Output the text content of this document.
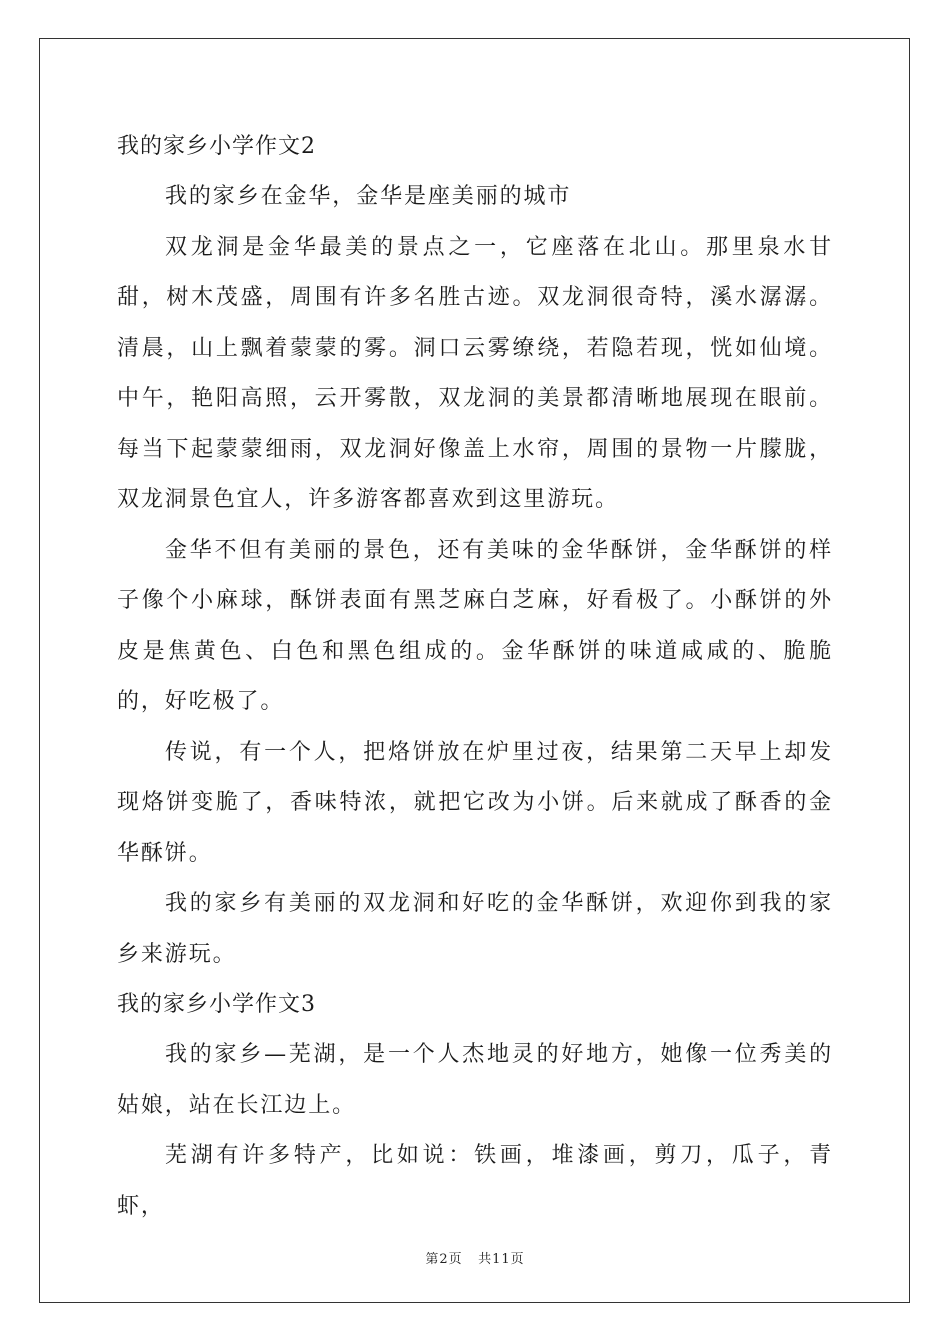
我的家乡小学作文2

我的家乡在金华，金华是座美丽的城市

双龙洞是金华最美的景点之一，它座落在北山。那里泉水甘甜，树木茂盛，周围有许多名胜古迹。双龙洞很奇特，溪水潺潺。清晨，山上飘着蒙蒙的雾。洞口云雾缭绕，若隐若现，恍如仙境。中午，艳阳高照，云开雾散，双龙洞的美景都清晰地展现在眼前。每当下起蒙蒙细雨，双龙洞好像盖上水帘，周围的景物一片朦胧，双龙洞景色宜人，许多游客都喜欢到这里游玩。

金华不但有美丽的景色，还有美味的金华酥饼，金华酥饼的样子像个小麻球，酥饼表面有黑芝麻白芝麻，好看极了。小酥饼的外皮是焦黄色、白色和黑色组成的。金华酥饼的味道咸咸的、脆脆的，好吃极了。

传说，有一个人，把烙饼放在炉里过夜，结果第二天早上却发现烙饼变脆了，香味特浓，就把它改为小饼。后来就成了酥香的金华酥饼。

我的家乡有美丽的双龙洞和好吃的金华酥饼，欢迎你到我的家乡来游玩。

我的家乡小学作文3

我的家乡—芜湖，是一个人杰地灵的好地方，她像一位秀美的姑娘，站在长江边上。

芜湖有许多特产，比如说：铁画，堆漆画，剪刀，瓜子，青虾，

第2页 共11页
